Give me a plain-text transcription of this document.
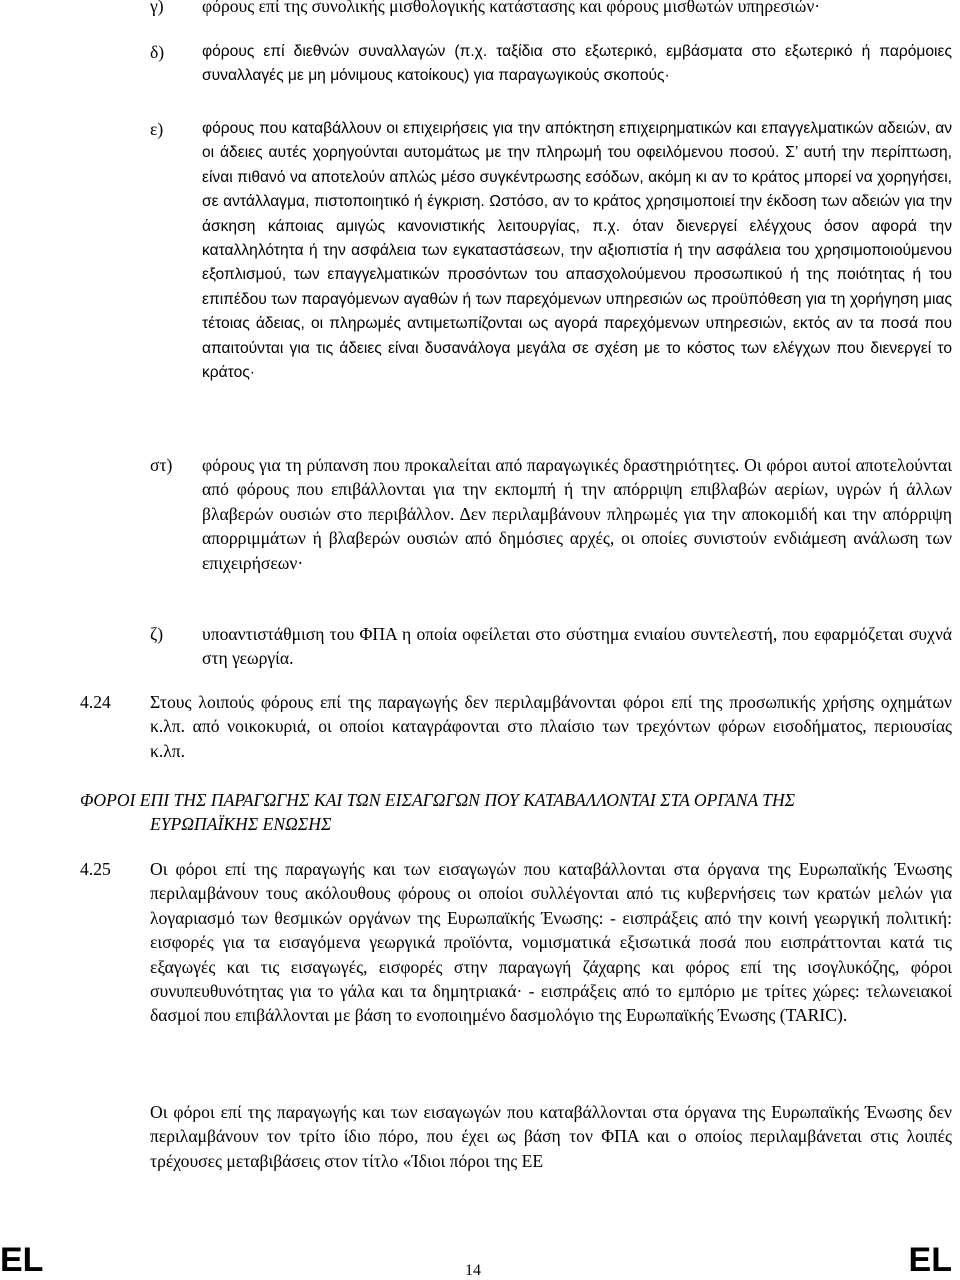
γ) φόρους επί της συνολικής μισθολογικής κατάστασης και φόρους μισθωτών υπηρεσιών·
δ) φόρους επί διεθνών συναλλαγών (π.χ. ταξίδια στο εξωτερικό, εμβάσματα στο εξωτερικό ή παρόμοιες συναλλαγές με μη μόνιμους κατοίκους) για παραγωγικούς σκοπούς·
ε) φόρους που καταβάλλουν οι επιχειρήσεις για την απόκτηση επιχειρηματικών και επαγγελματικών αδειών, αν οι άδειες αυτές χορηγούνται αυτομάτως με την πληρωμή του οφειλόμενου ποσού. Σ’ αυτή την περίπτωση, είναι πιθανό να αποτελούν απλώς μέσο συγκέντρωσης εσόδων, ακόμη κι αν το κράτος μπορεί να χορηγήσει, σε αντάλλαγμα, πιστοποιητικό ή έγκριση. Ωστόσο, αν το κράτος χρησιμοποιεί την έκδοση των αδειών για την άσκηση κάποιας αμιγώς κανονιστικής λειτουργίας, π.χ. όταν διενεργεί ελέγχους όσον αφορά την καταλληλότητα ή την ασφάλεια των εγκαταστάσεων, την αξιοπιστία ή την ασφάλεια του χρησιμοποιούμενου εξοπλισμού, των επαγγελματικών προσόντων του απασχολούμενου προσωπικού ή της ποιότητας ή του επιπέδου των παραγόμενων αγαθών ή των παρεχόμενων υπηρεσιών ως προϋπόθεση για τη χορήγηση μιας τέτοιας άδειας, οι πληρωμές αντιμετωπίζονται ως αγορά παρεχόμενων υπηρεσιών, εκτός αν τα ποσά που απαιτούνται για τις άδειες είναι δυσανάλογα μεγάλα σε σχέση με το κόστος των ελέγχων που διενεργεί το κράτος·
στ) φόρους για τη ρύπανση που προκαλείται από παραγωγικές δραστηριότητες. Οι φόροι αυτοί αποτελούνται από φόρους που επιβάλλονται για την εκπομπή ή την απόρριψη επιβλαβών αερίων, υγρών ή άλλων βλαβερών ουσιών στο περιβάλλον. Δεν περιλαμβάνουν πληρωμές για την αποκομιδή και την απόρριψη απορριμμάτων ή βλαβερών ουσιών από δημόσιες αρχές, οι οποίες συνιστούν ενδιάμεση ανάλωση των επιχειρήσεων·
ζ) υποαντιστάθμιση του ΦΠΑ η οποία οφείλεται στο σύστημα ενιαίου συντελεστή, που εφαρμόζεται συχνά στη γεωργία.
4.24 Στους λοιπούς φόρους επί της παραγωγής δεν περιλαμβάνονται φόροι επί της προσωπικής χρήσης οχημάτων κ.λπ. από νοικοκυριά, οι οποίοι καταγράφονται στο πλαίσιο των τρεχόντων φόρων εισοδήματος, περιουσίας κ.λπ.
ΦΟΡΟΙ ΕΠΙ ΤΗΣ ΠΑΡΑΓΩΓΗΣ ΚΑΙ ΤΩΝ ΕΙΣΑΓΩΓΩΝ ΠΟΥ ΚΑΤΑΒΑΛΛΟΝΤΑΙ ΣΤΑ ΟΡΓΑΝΑ ΤΗΣ
ΕΥΡΩΠΑΪΚΗΣ ΕΝΩΣΗΣ
4.25 Οι φόροι επί της παραγωγής και των εισαγωγών που καταβάλλονται στα όργανα της Ευρωπαϊκής Ένωσης περιλαμβάνουν τους ακόλουθους φόρους οι οποίοι συλλέγονται από τις κυβερνήσεις των κρατών μελών για λογαριασμό των θεσμικών οργάνων της Ευρωπαϊκής Ένωσης: - εισπράξεις από την κοινή γεωργική πολιτική: εισφορές για τα εισαγόμενα γεωργικά προϊόντα, νομισματικά εξισωτικά ποσά που εισπράττονται κατά τις εξαγωγές και τις εισαγωγές, εισφορές στην παραγωγή ζάχαρης και φόρος επί της ισογλυκόζης, φόροι συνυπευθυνότητας για το γάλα και τα δημητριακά· - εισπράξεις από το εμπόριο με τρίτες χώρες: τελωνειακοί δασμοί που επιβάλλονται με βάση το ενοποιημένο δασμολόγιο της Ευρωπαϊκής Ένωσης (TARIC).
Οι φόροι επί της παραγωγής και των εισαγωγών που καταβάλλονται στα όργανα της Ευρωπαϊκής Ένωσης δεν περιλαμβάνουν τον τρίτο ίδιο πόρο, που έχει ως βάση τον ΦΠΑ και ο οποίος περιλαμβάνεται στις λοιπές τρέχουσες μεταβιβάσεις στον τίτλο «Ίδιοι πόροι της ΕΕ
EL	14	EL
